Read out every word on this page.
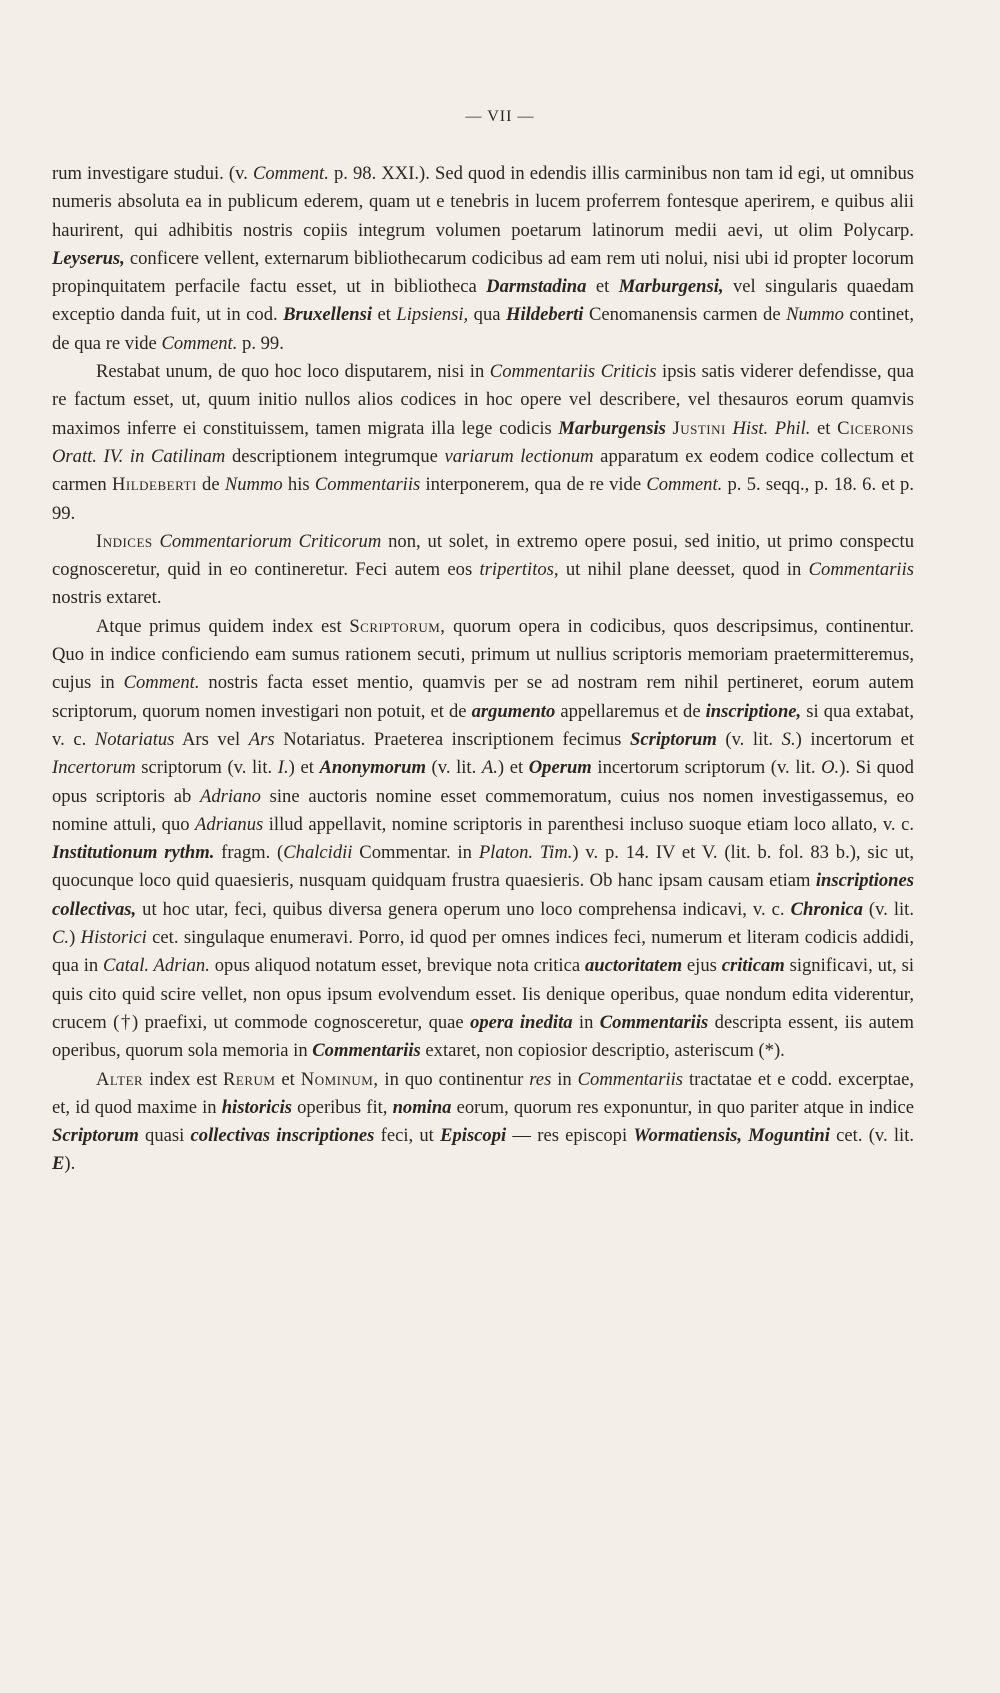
— VII —

rum investigare studui. (v. Comment. p. 98. XXI.). Sed quod in edendis illis carminibus non tam id egi, ut omnibus numeris absoluta ea in publicum ederem, quam ut e tenebris in lucem proferrem fontesque aperirem, e quibus alii haurirent, qui adhibitis nostris copiis integrum volumen poetarum latinorum medii aevi, ut olim Polycarp. Leyserus, conficere vellent, externarum bibliothecarum codicibus ad eam rem uti nolui, nisi ubi id propter locorum propinquitatem perfacile factu esset, ut in bibliotheca Darmstadina et Marburgensi, vel singularis quaedam exceptio danda fuit, ut in cod. Bruxellensi et Lipsiensi, qua Hildeberti Cenomanensis carmen de Nummo continet, de qua re vide Comment. p. 99.

Restabat unum, de quo hoc loco disputarem, nisi in Commentariis Criticis ipsis satis viderer defendisse, qua re factum esset, ut, quum initio nullos alios codices in hoc opere vel describere, vel thesauros eorum quamvis maximos inferre ei constituissem, tamen migrata illa lege codicis Marburgensis Justini Hist. Phil. et Ciceronis Oratt. IV. in Catilinam descriptionem integrumque variarum lectionum apparatum ex eodem codice collectum et carmen Hildeberti de Nummo his Commentariis interponerem, qua de re vide Comment. p. 5. seqq., p. 18. 6. et p. 99.

Indices Commentariorum Criticorum non, ut solet, in extremo opere posui, sed initio, ut primo conspectu cognosceretur, quid in eo contineretur. Feci autem eos tripertitos, ut nihil plane deesset, quod in Commentariis nostris extaret.

Atque primus quidem index est Scriptorum, quorum opera in codicibus, quos descripsimus, continentur. Quo in indice conficiendo eam sumus rationem secuti, primum ut nullius scriptoris memoriam praetermitteremus, cujus in Comment. nostris facta esset mentio, quamvis per se ad nostram rem nihil pertineret, eorum autem scriptorum, quorum nomen investigari non potuit, et de argumento appellaremus et de inscriptione, si qua extabat, v. c. Notariatus Ars vel Ars Notariatus. Praeterea inscriptionem fecimus Scriptorum (v. lit. S.) incertorum et Incertorum scriptorum (v. lit. I.) et Anonymorum (v. lit. A.) et Operum incertorum scriptorum (v. lit. O.). Si quod opus scriptoris ab Adriano sine auctoris nomine esset commemoratum, cuius nos nomen investigassemus, eo nomine attuli, quo Adrianus illud appellavit, nomine scriptoris in parenthesi incluso suoque etiam loco allato, v. c. Institutionum rythm. fragm. (Chalcidii Commentar. in Platon. Tim.) v. p. 14. IV et V. (lit. b. fol. 83 b.), sic ut, quocunque loco quid quaesieris, nusquam quidquam frustra quaesieris. Ob hanc ipsam causam etiam inscriptiones collectivas, ut hoc utar, feci, quibus diversa genera operum uno loco comprehensa indicavi, v. c. Chronica (v. lit. C.) Historici cet. singulaque enumeravi. Porro, id quod per omnes indices feci, numerum et literam codicis addidi, qua in Catal. Adrian. opus aliquod notatum esset, brevique nota critica auctoritatem ejus criticam significavi, ut, si quis cito quid scire vellet, non opus ipsum evolvendum esset. Iis denique operibus, quae nondum edita viderentur, crucem (†) praefixi, ut commode cognosceretur, quae opera inedita in Commentariis descripta essent, iis autem operibus, quorum sola memoria in Commentariis extaret, non copiosior descriptio, asteriscum (*).

Alter index est Rerum et Nominum, in quo continentur res in Commentariis tractatae et e codd. excerptae, et, id quod maxime in historicis operibus fit, nomina eorum, quorum res exponuntur, in quo pariter atque in indice Scriptorum quasi collectivas inscriptiones feci, ut Episcopi — res episcopi Wormatiensis, Moguntini cet. (v. lit. E).
